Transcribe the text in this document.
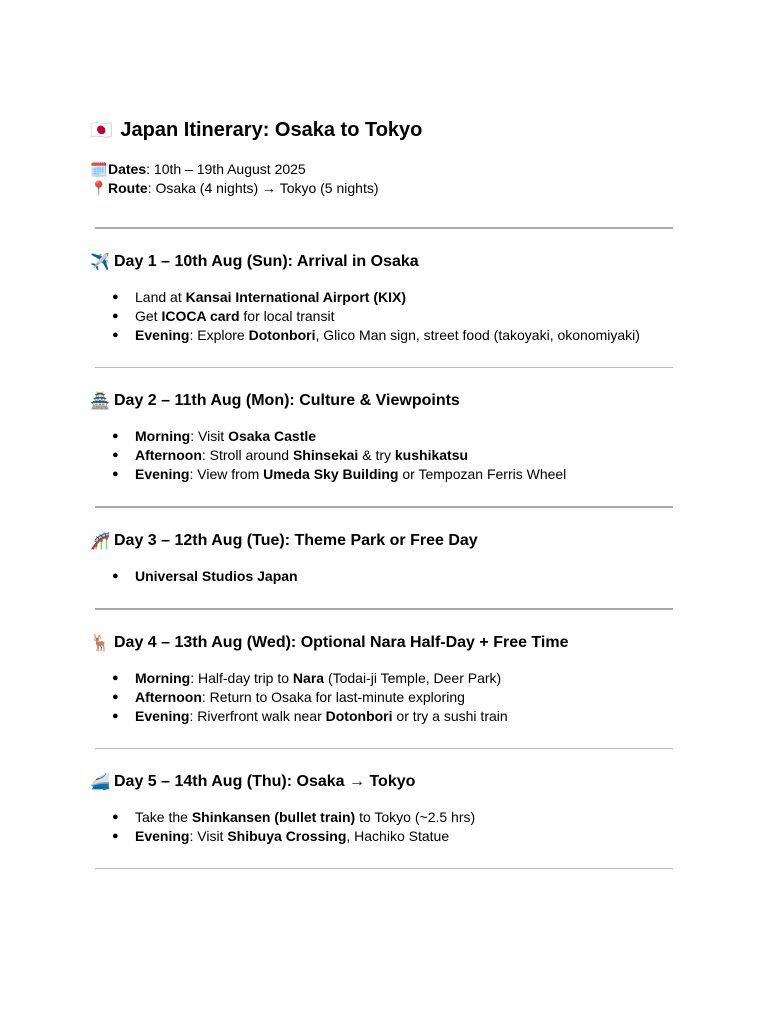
🇯🇵 Japan Itinerary: Osaka to Tokyo
🗓️ Dates : 10th – 19th August 2025
📍 Route : Osaka (4 nights) → Tokyo (5 nights)
✈️ Day 1 – 10th Aug (Sun): Arrival in Osaka
● Land at Kansai International Airport (KIX)
● Get ICOCA card for local transit
● Evening: Explore Dotonbori, Glico Man sign, street food (takoyaki, okonomiyaki)
🏯 Day 2 – 11th Aug (Mon): Culture & Viewpoints
● Morning: Visit Osaka Castle
● Afternoon: Stroll around Shinsekai & try kushikatsu
● Evening: View from Umeda Sky Building or Tempozan Ferris Wheel
🎢 Day 3 – 12th Aug (Tue): Theme Park or Free Day
● Universal Studios Japan
🦌 Day 4 – 13th Aug (Wed): Optional Nara Half-Day + Free Time
● Morning: Half-day trip to Nara (Todai-ji Temple, Deer Park)
● Afternoon: Return to Osaka for last-minute exploring
● Evening: Riverfront walk near Dotonbori or try a sushi train
🚄 Day 5 – 14th Aug (Thu): Osaka → Tokyo
● Take the Shinkansen (bullet train) to Tokyo (~2.5 hrs)
● Evening: Visit Shibuya Crossing, Hachiko Statue
